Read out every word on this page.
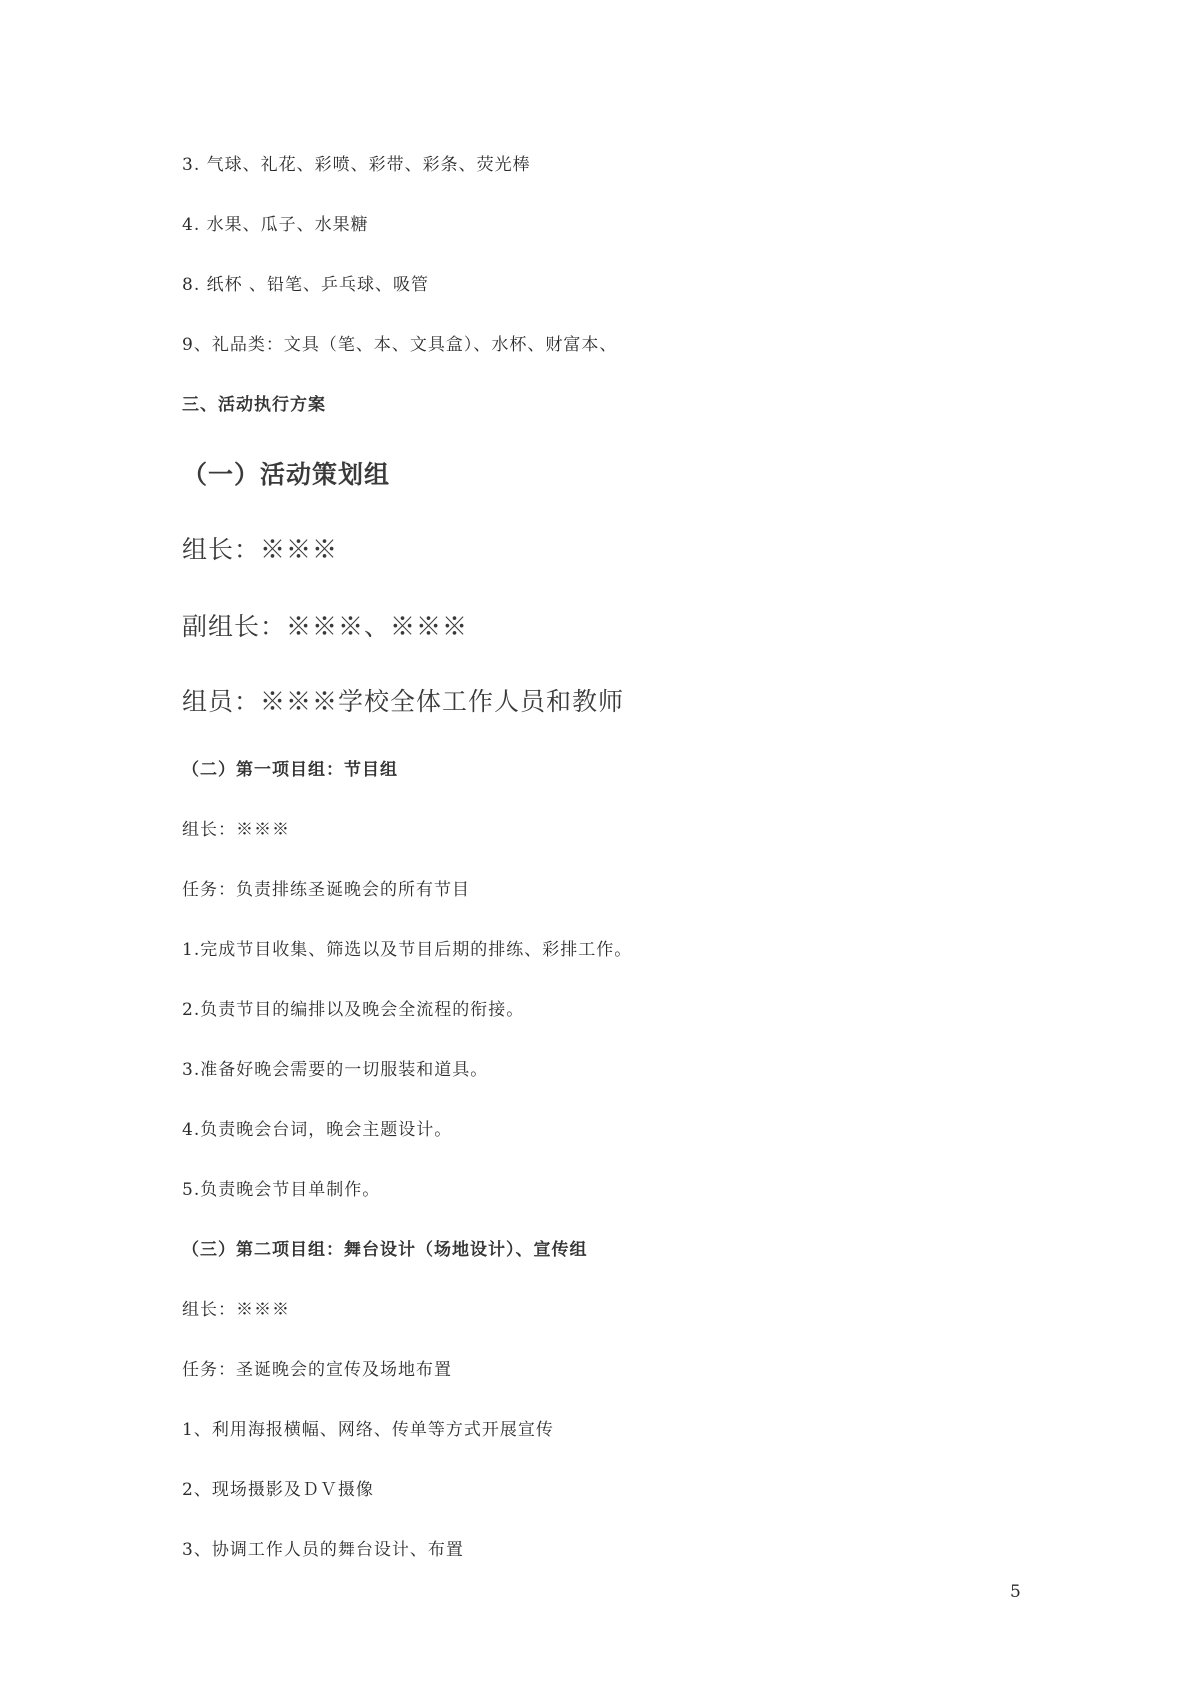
3. 气球、礼花、彩喷、彩带、彩条、荧光棒
4. 水果、瓜子、水果糖
8. 纸杯 、铅笔、乒乓球、吸管
9、礼品类：文具（笔、本、文具盒）、水杯、财富本、
三、活动执行方案
（一）活动策划组
组长：※※※
副组长：※※※、※※※
组员：※※※学校全体工作人员和教师
（二）第一项目组：节目组
组长：※※※
任务：负责排练圣诞晚会的所有节目
1.完成节目收集、筛选以及节目后期的排练、彩排工作。
2.负责节目的编排以及晚会全流程的衔接。
3.准备好晚会需要的一切服装和道具。
4.负责晚会台词，晚会主题设计。
5.负责晚会节目单制作。
（三）第二项目组：舞台设计（场地设计）、宣传组
组长：※※※
任务：圣诞晚会的宣传及场地布置
1、利用海报横幅、网络、传单等方式开展宣传
2、现场摄影及ＤＶ摄像
3、协调工作人员的舞台设计、布置
5
